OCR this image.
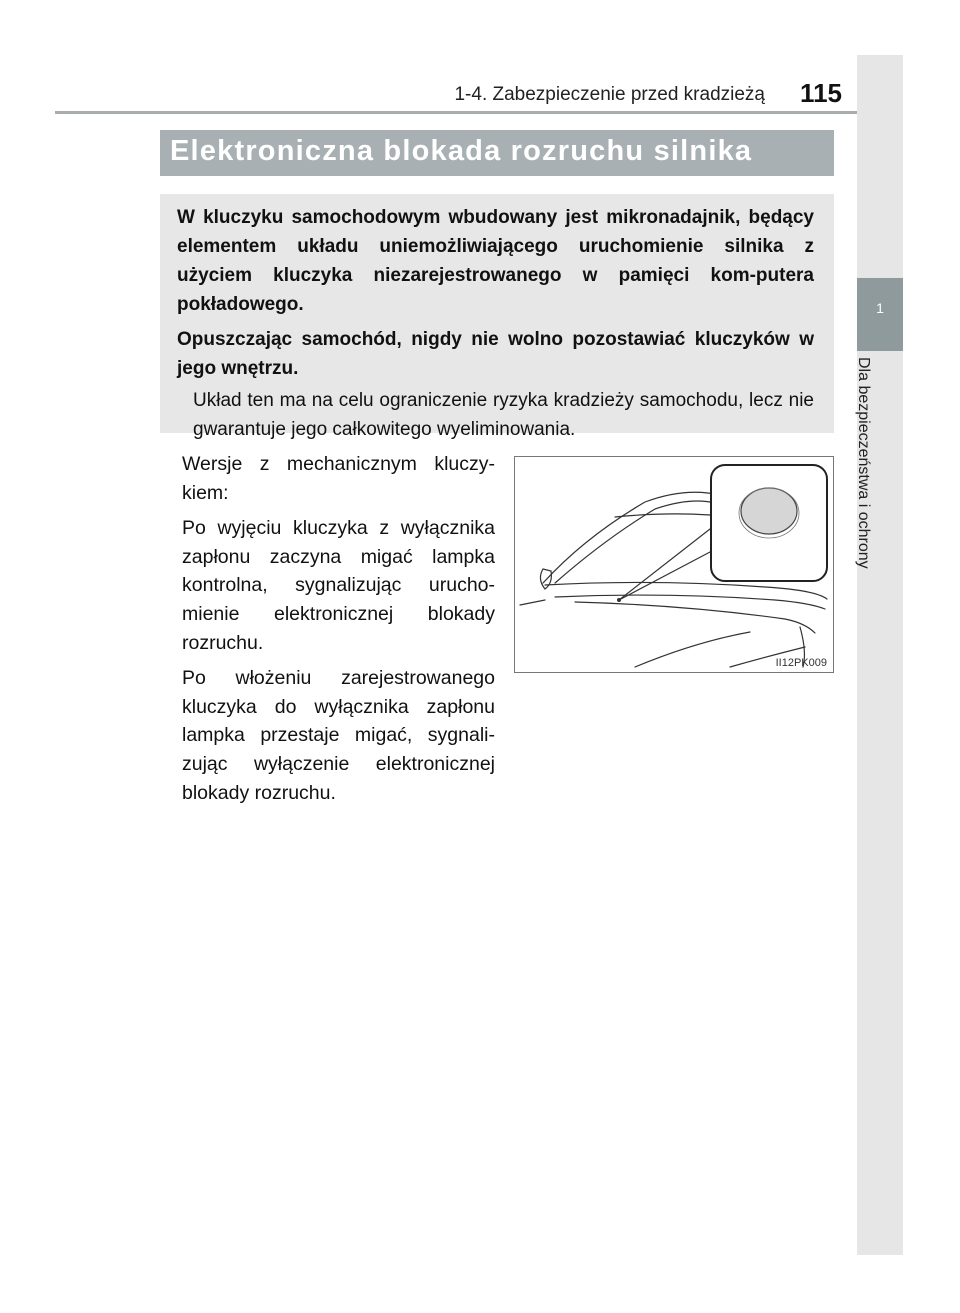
1-4. Zabezpieczenie przed kradzieżą 115
1
Dla bezpieczeństwa i ochrony
Elektroniczna blokada rozruchu silnika

W kluczyku samochodowym wbudowany jest mikronadajnik, będący elementem układu uniemożliwiającego uruchomienie silnika z użyciem kluczyka niezarejestrowanego w pamięci kom-putera pokładowego.

Opuszczając samochód, nigdy nie wolno pozostawiać kluczyków w jego wnętrzu.

Układ ten ma na celu ograniczenie ryzyka kradzieży samochodu, lecz nie gwarantuje jego całkowitego wyeliminowania.

Wersje z mechanicznym kluczy-kiem:

Po wyjęciu kluczyka z wyłącznika zapłonu zaczyna migać lampka kontrolna, sygnalizując urucho-mienie elektronicznej blokady rozruchu.

Po włożeniu zarejestrowanego kluczyka do wyłącznika zapłonu lampka przestaje migać, sygnali-zując wyłączenie elektronicznej blokady rozruchu.

II12PK009
